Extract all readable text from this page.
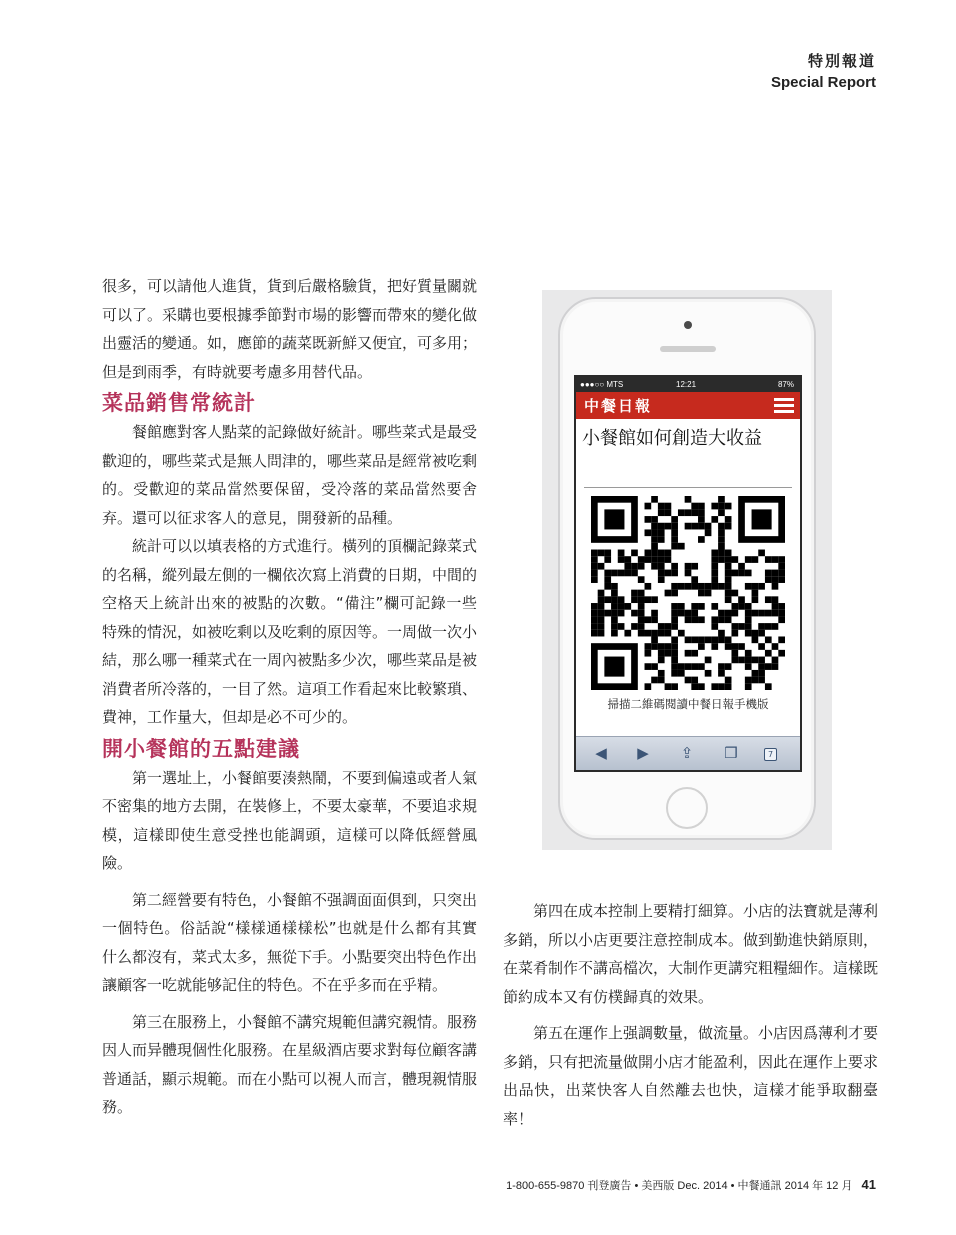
特別報道
Special Report

很多，可以請他人進貨，貨到后嚴格驗貨，把好質量關就可以了。采購也要根據季節對市場的影響而帶來的變化做出靈活的變通。如，應節的蔬菜既新鮮又便宜，可多用；但是到雨季，有時就要考慮多用替代品。

菜品銷售常統計

餐館應對客人點菜的記錄做好統計。哪些菜式是最受歡迎的，哪些菜式是無人問津的，哪些菜品是經常被吃剩的。受歡迎的菜品當然要保留，受冷落的菜品當然要舍弃。還可以征求客人的意見，開發新的品種。

統計可以以填表格的方式進行。橫列的頂欄記錄菜式的名稱，縱列最左側的一欄依次寫上消費的日期，中間的空格天上統計出來的被點的次數。“備注”欄可記錄一些特殊的情況，如被吃剩以及吃剩的原因等。一周做一次小結，那么哪一種菜式在一周內被點多少次，哪些菜品是被消費者所冷落的，一目了然。這項工作看起來比較繁瑣、費神，工作量大，但却是必不可少的。

開小餐館的五點建議

第一選址上，小餐館要湊熱鬧，不要到偏遠或者人氣不密集的地方去開，在裝修上，不要太豪華，不要追求規模，這樣即使生意受挫也能調頭，這樣可以降低經營風險。

第二經營要有特色，小餐館不强調面面俱到，只突出一個特色。俗話說“樣樣通樣樣松”也就是什么都有其實什么都沒有，菜式太多，無從下手。小點要突出特色作出讓顧客一吃就能够記住的特色。不在乎多而在乎精。

第三在服務上，小餐館不講究規範但講究親情。服務因人而异體現個性化服務。在星級酒店要求對每位顧客講普通話，顯示規範。而在小點可以視人而言，體現親情服務。

第四在成本控制上要精打細算。小店的法寶就是薄利多銷，所以小店更要注意控制成本。做到勤進快銷原則，在菜肴制作不講高檔次，大制作更講究粗糧細作。這樣既節約成本又有仿樸歸真的效果。

第五在運作上强調數量，做流量。小店因爲薄利才要多銷，只有把流量做開小店才能盈利，因此在運作上要求出品快，出菜快客人自然離去也快，這樣才能爭取翻臺率！

●●●○○ MTS	12:21	87%
中餐日報
小餐館如何創造大收益
掃描二維碼閱讀中餐日報手機版
◀	▶	⇪	❒	7
1-800-655-9870 刊登廣告 • 美西版 Dec. 2014 • 中餐通訊 2014 年 12 月 41
